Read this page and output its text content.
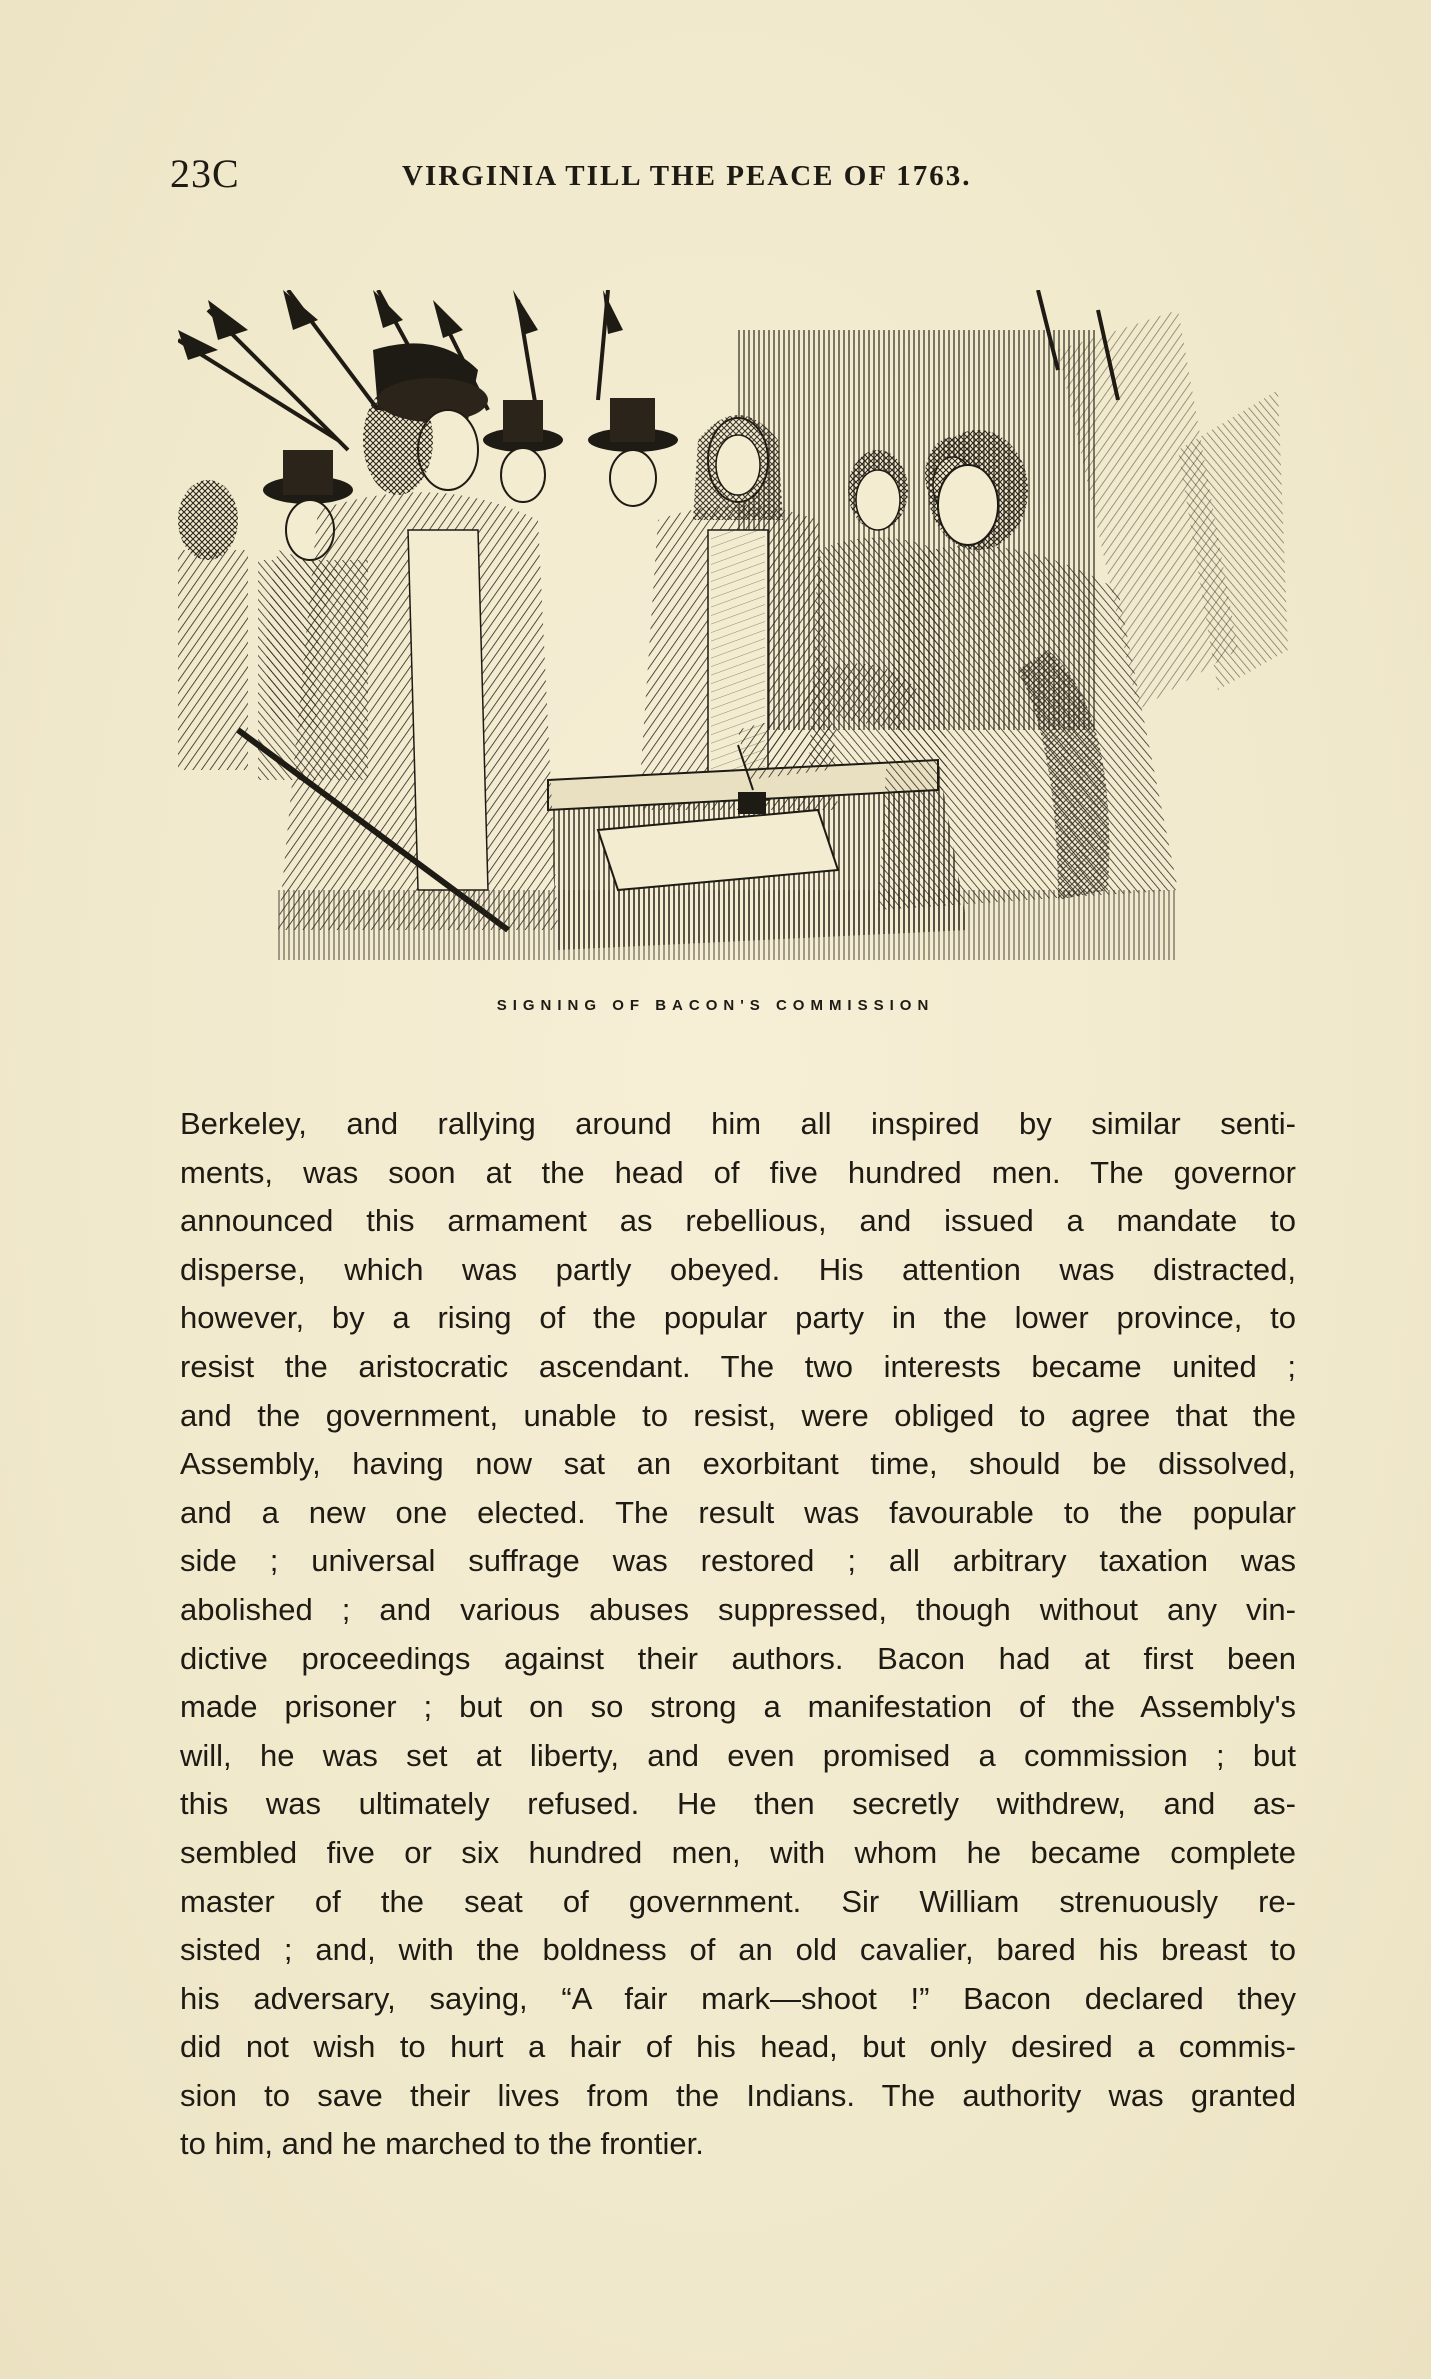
23C	VIRGINIA TILL THE PEACE OF 1763.
SIGNING OF BACON'S COMMISSION
Berkeley, and rallying around him all inspired by similar senti-
ments, was soon at the head of five hundred men. The governor
announced this armament as rebellious, and issued a mandate to
disperse, which was partly obeyed. His attention was distracted,
however, by a rising of the popular party in the lower province, to
resist the aristocratic ascendant. The two interests became united ;
and the government, unable to resist, were obliged to agree that the
Assembly, having now sat an exorbitant time, should be dissolved,
and a new one elected. The result was favourable to the popular
side ; universal suffrage was restored ; all arbitrary taxation was
abolished ; and various abuses suppressed, though without any vin-
dictive proceedings against their authors. Bacon had at first been
made prisoner ; but on so strong a manifestation of the Assembly's
will, he was set at liberty, and even promised a commission ; but
this was ultimately refused. He then secretly withdrew, and as-
sembled five or six hundred men, with whom he became complete
master of the seat of government. Sir William strenuously re-
sisted ; and, with the boldness of an old cavalier, bared his breast to
his adversary, saying, “A fair mark—shoot !” Bacon declared they
did not wish to hurt a hair of his head, but only desired a commis-
sion to save their lives from the Indians. The authority was granted
to him, and he marched to the frontier.
